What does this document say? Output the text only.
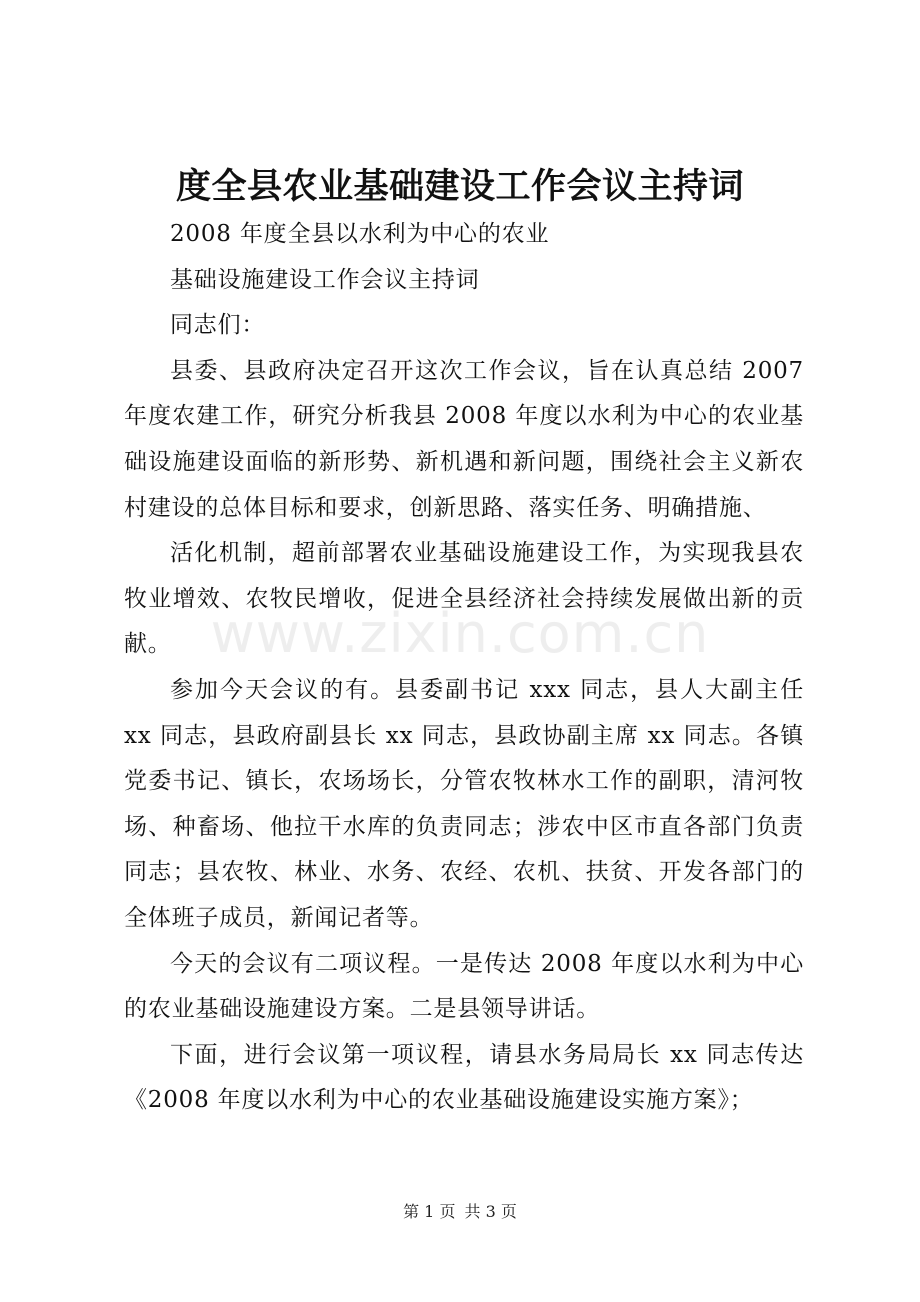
度全县农业基础建设工作会议主持词

2008 年度全县以水利为中心的农业

基础设施建设工作会议主持词

同志们：

县委、县政府决定召开这次工作会议，旨在认真总结 2007 年度农建工作，研究分析我县 2008 年度以水利为中心的农业基础设施建设面临的新形势、新机遇和新问题，围绕社会主义新农村建设的总体目标和要求，创新思路、落实任务、明确措施、

活化机制，超前部署农业基础设施建设工作，为实现我县农牧业增效、农牧民增收，促进全县经济社会持续发展做出新的贡献。

参加今天会议的有。县委副书记 xxx 同志，县人大副主任 xx 同志，县政府副县长 xx 同志，县政协副主席 xx 同志。各镇党委书记、镇长，农场场长，分管农牧林水工作的副职，清河牧场、种畜场、他拉干水库的负责同志；涉农中区市直各部门负责同志；县农牧、林业、水务、农经、农机、扶贫、开发各部门的全体班子成员，新闻记者等。

今天的会议有二项议程。一是传达 2008 年度以水利为中心的农业基础设施建设方案。二是县领导讲话。

下面，进行会议第一项议程，请县水务局局长 xx 同志传达《2008 年度以水利为中心的农业基础设施建设实施方案》；

www.zixin.com.cn
第 1 页 共 3 页
